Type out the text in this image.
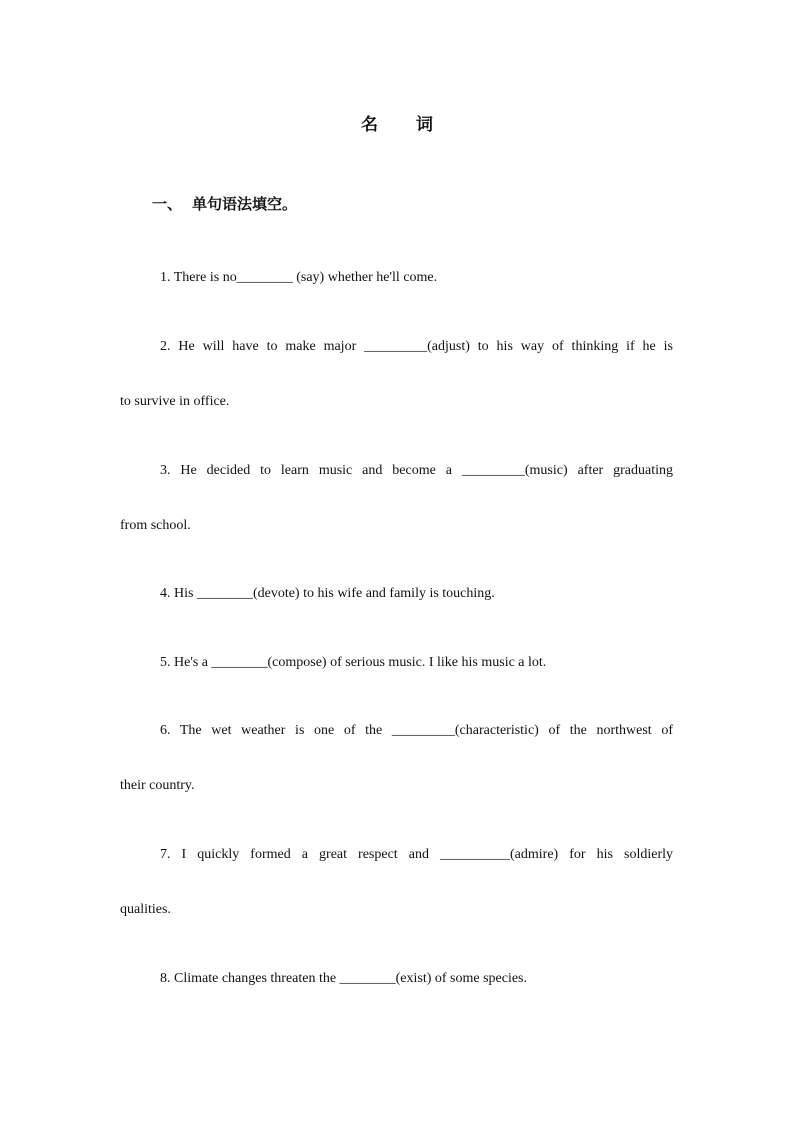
名 词
一、 单句语法填空。
1. There is no________ (say) whether he'll come.
2. He will have to make major _________(adjust) to his way of thinking if he is
to survive in office.
3. He decided to learn music and become a _________(music) after graduating
from school.
4. His ________(devote) to his wife and family is touching.
5. He's a ________(compose) of serious music. I like his music a lot.
6. The wet weather is one of the _________(characteristic) of the northwest of
their country.
7. I quickly formed a great respect and __________(admire) for his soldierly
qualities.
8. Climate changes threaten the ________(exist) of some species.
